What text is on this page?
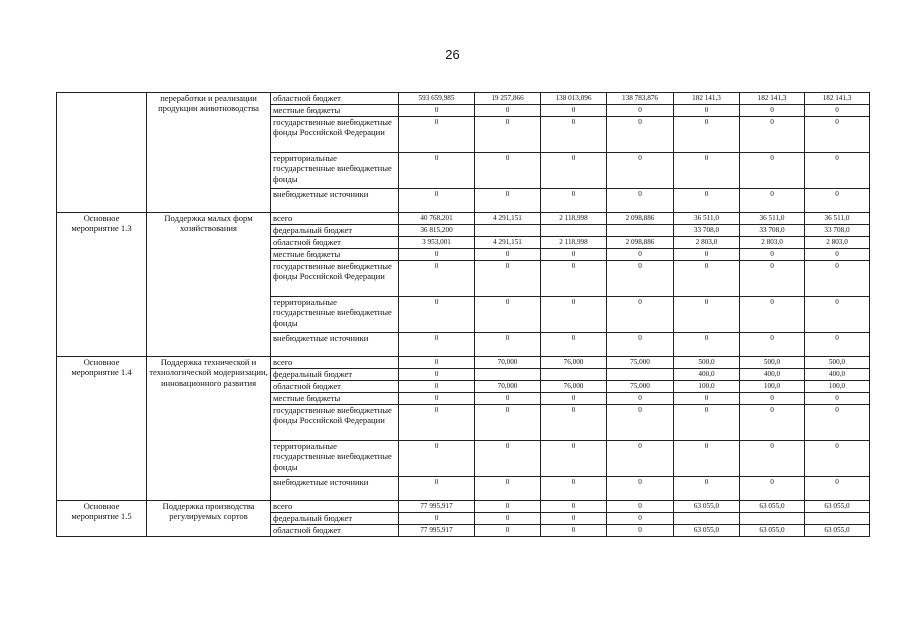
26
	переработки и реализации продукции животноводства	областной бюджет	593 659,985	19 257,866	138 013,096	138 783,876	182 141,3	182 141,3	182 141,3
		местные бюджеты	0	0	0	0	0	0	0
		государственные внебюджетные фонды Российской Федерации	0	0	0	0	0	0	0
		территориальные государственные внебюджетные фонды	0	0	0	0	0	0	0
		внебюджетные источники	0	0	0	0	0	0	0
Основное мероприятие 1.3	Поддержка малых форм хозяйствования	всего	40 768,201	4 291,151	2 118,998	2 098,886	36 511,0	36 511,0	36 511,0
		федеральный бюджет	36 815,200				33 708,0	33 708,0	33 708,0
		областной бюджет	3 953,001	4 291,151	2 118,998	2 098,886	2 803,0	2 803,0	2 803,0
		местные бюджеты	0	0	0	0	0	0	0
		государственные внебюджетные фонды Российской Федерации	0	0	0	0	0	0	0
		территориальные государственные внебюджетные фонды	0	0	0	0	0	0	0
		внебюджетные источники	0	0	0	0	0	0	0
Основное мероприятие 1.4	Поддержка технической и технологической модернизации, инновационного развития	всего	0	70,000	76,000	75,000	500,0	500,0	500,0
		федеральный бюджет	0				400,0	400,0	400,0
		областной бюджет	0	70,000	76,000	75,000	100,0	100,0	100,0
		местные бюджеты	0	0	0	0	0	0	0
		государственные внебюджетные фонды Российской Федерации	0	0	0	0	0	0	0
		территориальные государственные внебюджетные фонды	0	0	0	0	0	0	0
		внебюджетные источники	0	0	0	0	0	0	0
Основное мероприятие 1.5	Поддержка производства регулируемых сортов	всего	77 995,917	0	0	0	63 055,0	63 055,0	63 055,0
		федеральный бюджет	0	0	0	0			
		областной бюджет	77 995,917	0	0	0	63 055,0	63 055,0	63 055,0
